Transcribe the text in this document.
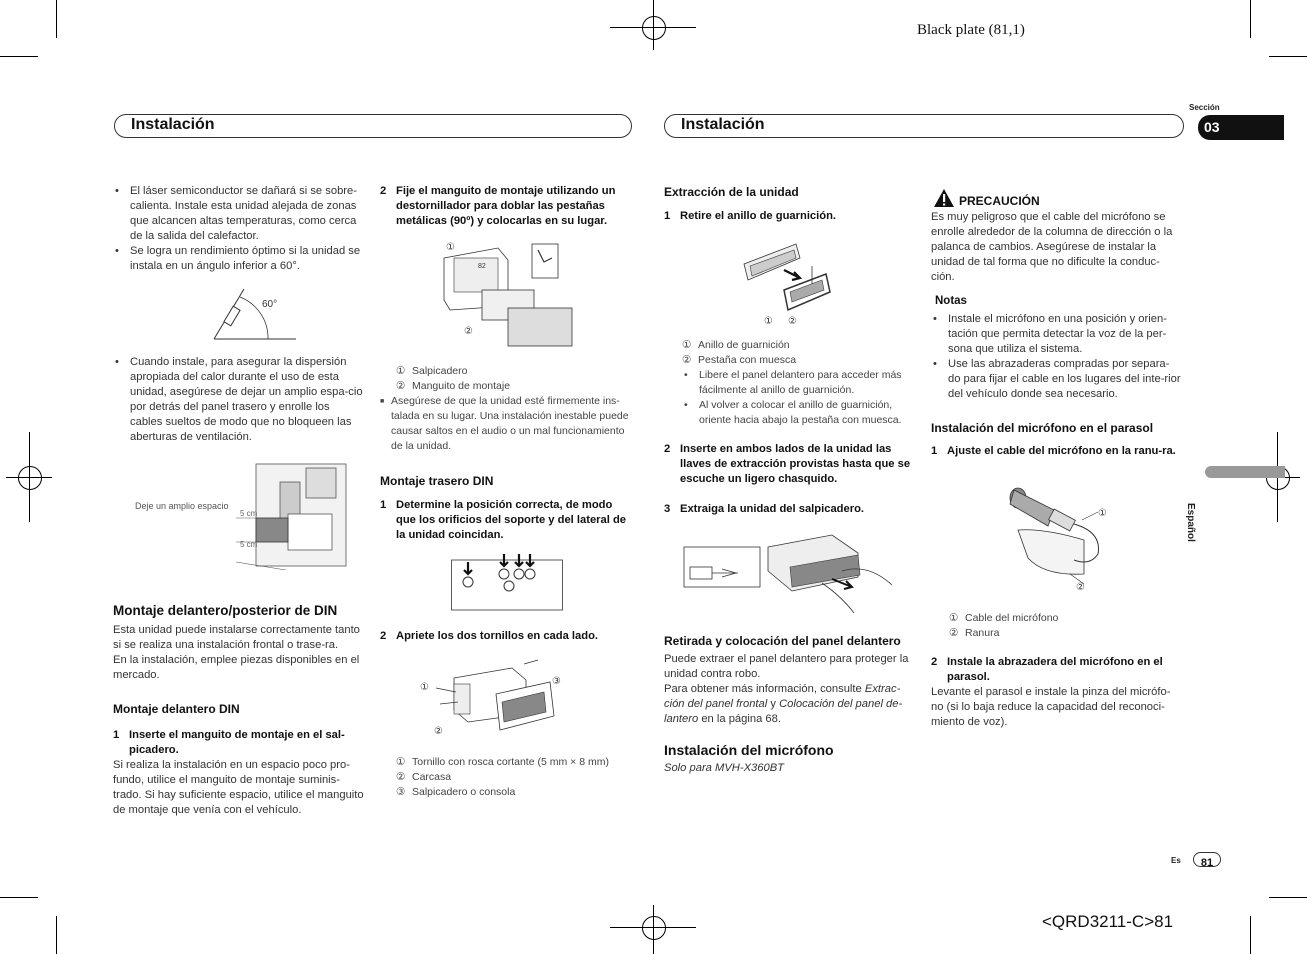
Black plate (81,1)
Instalación	Instalación
Sección
03
Español

• El láser semiconductor se dañará si se sobre-calienta. Instale esta unidad alejada de zonas que alcancen altas temperaturas, como cerca de la salida del calefactor.

• Se logra un rendimiento óptimo si la unidad se instala en un ángulo inferior a 60°.

60°

• Cuando instale, para asegurar la dispersión apropiada del calor durante el uso de esta unidad, asegúrese de dejar un amplio espa-cio por detrás del panel trasero y enrolle los cables sueltos de modo que no bloqueen las aberturas de ventilación.

5 cm
5 cm
Deje un amplio espacio

Montaje delantero/posterior de DIN

Esta unidad puede instalarse correctamente tanto si se realiza una instalación frontal o trase-ra.

En la instalación, emplee piezas disponibles en el mercado.

Montaje delantero DIN

1 Inserte el manguito de montaje en el sal-picadero.

Si realiza la instalación en un espacio poco pro-fundo, utilice el manguito de montaje suminis-trado. Si hay suficiente espacio, utilice el manguito de montaje que venía con el vehículo.

2 Fije el manguito de montaje utilizando un destornillador para doblar las pestañas metálicas (90º) y colocarlas en su lugar.

82
①
②

① Salpicadero

② Manguito de montaje

■ Asegúrese de que la unidad esté firmemente ins-talada en su lugar. Una instalación inestable puede causar saltos en el audio o un mal funcionamiento de la unidad.

Montaje trasero DIN

1 Determine la posición correcta, de modo que los orificios del soporte y del lateral de la unidad coincidan.

2 Apriete los dos tornillos en cada lado.

①
②
③

① Tornillo con rosca cortante (5 mm × 8 mm)

② Carcasa

③ Salpicadero o consola

Extracción de la unidad

1 Retire el anillo de guarnición.

① ②

① Anillo de guarnición

② Pestaña con muesca

• Libere el panel delantero para acceder más fácilmente al anillo de guarnición.

• Al volver a colocar el anillo de guarnición, oriente hacia abajo la pestaña con muesca.

2 Inserte en ambos lados de la unidad las llaves de extracción provistas hasta que se escuche un ligero chasquido.

3 Extraiga la unidad del salpicadero.

Retirada y colocación del panel delantero

Puede extraer el panel delantero para proteger la unidad contra robo.

Para obtener más información, consulte Extrac-ción del panel frontal y Colocación del panel de-lantero en la página 68.

Instalación del micrófono

Solo para MVH-X360BT

PRECAUCIÓN

Es muy peligroso que el cable del micrófono se enrolle alrededor de la columna de dirección o la palanca de cambios. Asegúrese de instalar la unidad de tal forma que no dificulte la conduc-ción.

Notas

• Instale el micrófono en una posición y orien-tación que permita detectar la voz de la per-sona que utiliza el sistema.

• Use las abrazaderas compradas por separa-do para fijar el cable en los lugares del inte-rior del vehículo donde sea necesario.

Instalación del micrófono en el parasol

1 Ajuste el cable del micrófono en la ranu-ra.

①
②

① Cable del micrófono

② Ranura

2 Instale la abrazadera del micrófono en el parasol.

Levante el parasol e instale la pinza del micrófo-no (si lo baja reduce la capacidad del reconoci-miento de voz).

Es	81
<QRD3211-C>81
